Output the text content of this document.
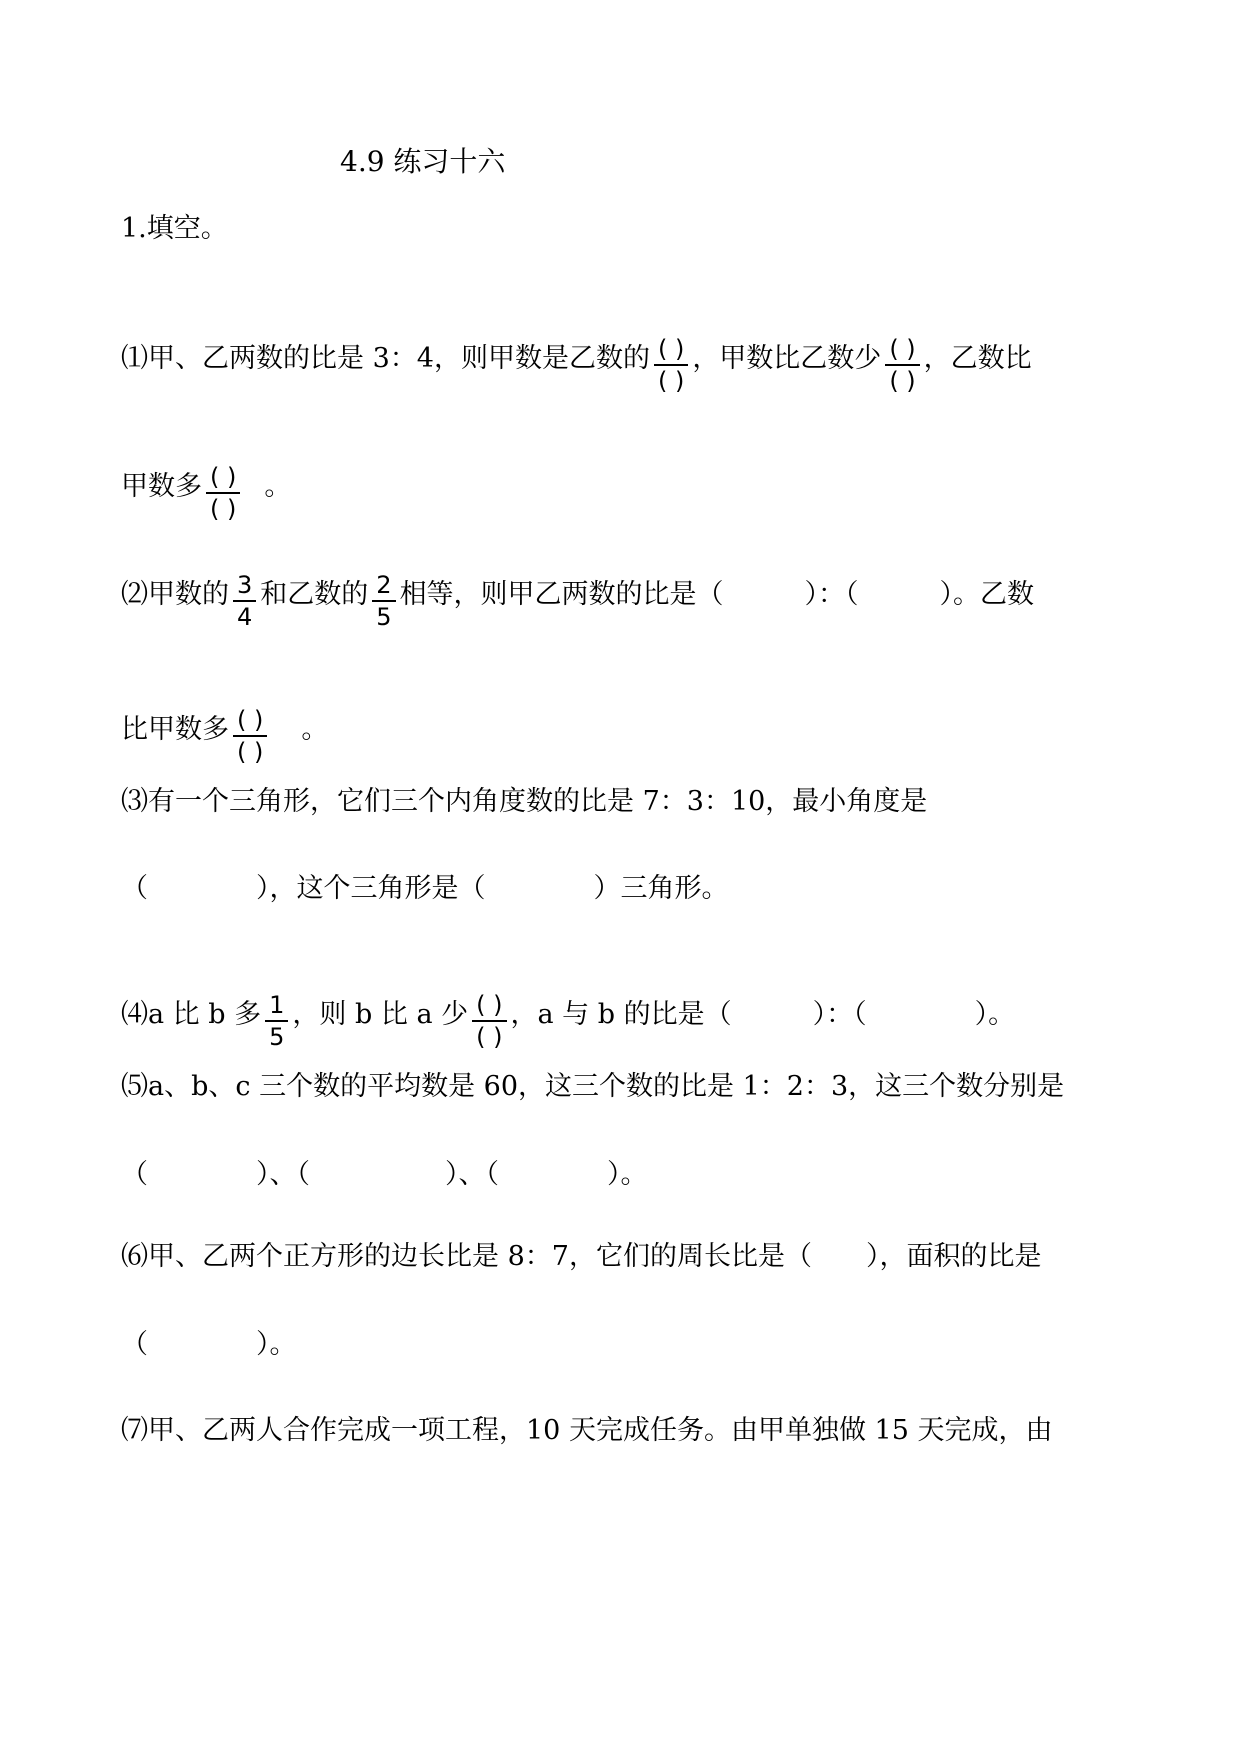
4.9 练习十六
1.填空。
⑴甲、乙两数的比是 3：4，则甲数是乙数的 $\frac{( )}{( )}$ ，甲数比乙数少 $\frac{( )}{( )}$ ，乙数比
甲数多 $\frac{( )}{( )}$ 。
⑵甲数的 $\frac{3}{4}$ 和乙数的 $\frac{2}{5}$ 相等，则甲乙两数的比是（　　　）：（　　　）。乙数
比甲数多 $\frac{( )}{( )}$ 。
⑶有一个三角形，它们三个内角度数的比是 7：3：10，最小角度是
（　　　　），这个三角形是（　　　　）三角形。
⑷a 比 b 多 $\frac{1}{5}$ ，则 b 比 a 少 $\frac{( )}{( )}$ ，a 与 b 的比是（　　　）：（　　　　）。
⑸a、b、c 三个数的平均数是 60，这三个数的比是 1：2：3，这三个数分别是
（　　　　）、（　　　　　）、（　　　　）。
⑹甲、乙两个正方形的边长比是 8：7，它们的周长比是（　　），面积的比是
（　　　　）。
⑺甲、乙两人合作完成一项工程，10 天完成任务。由甲单独做 15 天完成，由
